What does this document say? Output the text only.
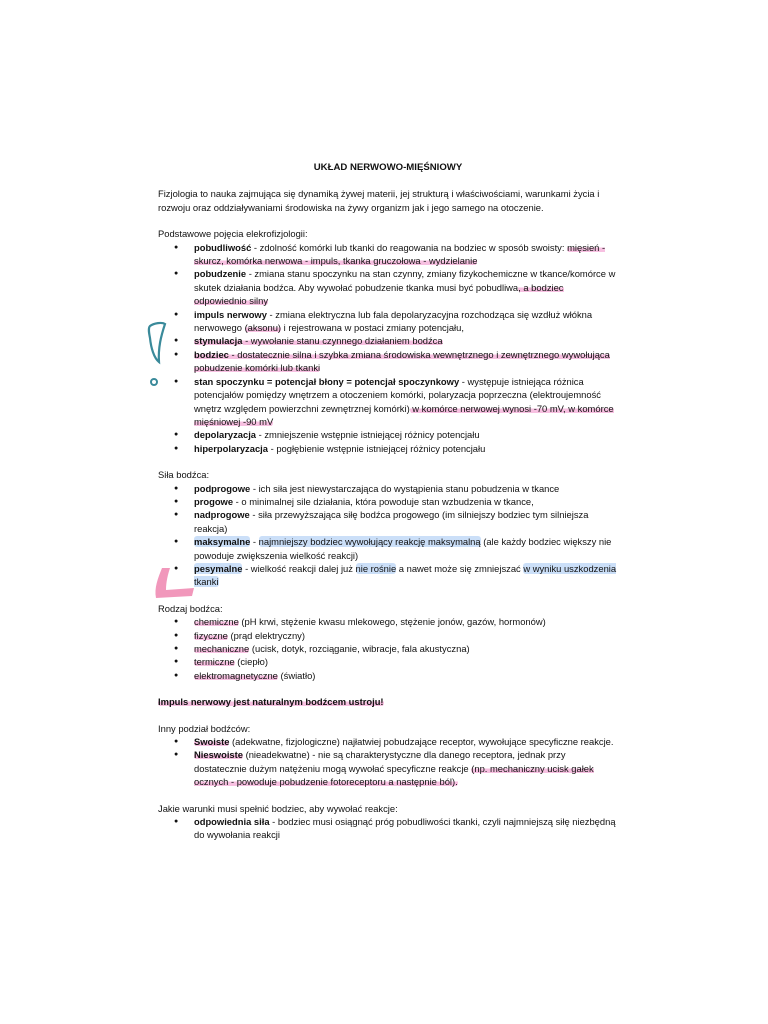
UKŁAD NERWOWO-MIĘŚNIOWY

Fizjologia to nauka zajmująca się dynamiką żywej materii, jej strukturą i właściwościami, warunkami życia i rozwoju oraz oddziaływaniami środowiska na żywy organizm jak i jego samego na otoczenie.

Podstawowe pojęcia elekrofizjologii:
● pobudliwość - zdolność komórki lub tkanki do reagowania na bodziec w sposób swoisty: mięsień - skurcz, komórka nerwowa - impuls, tkanka gruczołowa - wydzielanie
● pobudzenie - zmiana stanu spoczynku na stan czynny, zmiany fizykochemiczne w tkance/komórce w skutek działania bodźca. Aby wywołać pobudzenie tkanka musi być pobudliwa, a bodziec odpowiednio silny
● impuls nerwowy - zmiana elektryczna lub fala depolaryzacyjna rozchodząca się wzdłuż włókna nerwowego (aksonu) i rejestrowana w postaci zmiany potencjału,
● stymulacja - wywołanie stanu czynnego działaniem bodźca
● bodziec - dostatecznie silna i szybka zmiana środowiska wewnętrznego i zewnętrznego wywołująca pobudzenie komórki lub tkanki
● stan spoczynku = potencjał błony = potencjał spoczynkowy - występuje istniejąca różnica potencjałów pomiędzy wnętrzem a otoczeniem komórki, polaryzacja poprzeczna (elektroujemność wnętrz względem powierzchni zewnętrznej komórki) w komórce nerwowej wynosi -70 mV, w komórce mięśniowej -90 mV
● depolaryzacja - zmniejszenie wstępnie istniejącej różnicy potencjału
● hiperpolaryzacja - pogłębienie wstępnie istniejącej różnicy potencjału
Siła bodźca:
● podprogowe - ich siła jest niewystarczająca do wystąpienia stanu pobudzenia w tkance
● progowe - o minimalnej sile działania, która powoduje stan wzbudzenia w tkance,
● nadprogowe - siła przewyższająca siłę bodźca progowego (im silniejszy bodziec tym silniejsza reakcja)
● maksymalne - najmniejszy bodziec wywołujący reakcję maksymalną (ale każdy bodziec większy nie powoduje zwiększenia wielkość reakcji)
● pesymalne - wielkość reakcji dalej już nie rośnie a nawet może się zmniejszać w wyniku uszkodzenia tkanki
Rodzaj bodźca:
● chemiczne (pH krwi, stężenie kwasu mlekowego, stężenie jonów, gazów, hormonów)
● fizyczne (prąd elektryczny)
● mechaniczne (ucisk, dotyk, rozciąganie, wibracje, fala akustyczna)
● termiczne (ciepło)
● elektromagnetyczne (światło)
Impuls nerwowy jest naturalnym bodźcem ustroju!
Inny podział bodźców:
● Swoiste (adekwatne, fizjologiczne) najłatwiej pobudzające receptor, wywołujące specyficzne reakcje.
● Nieswoiste (nieadekwatne) - nie są charakterystyczne dla danego receptora, jednak przy dostatecznie dużym natężeniu mogą wywołać specyficzne reakcje (np. mechaniczny ucisk gałek ocznych - powoduje pobudzenie fotoreceptoru a następnie ból).
Jakie warunki musi spełnić bodziec, aby wywołać reakcje:
● odpowiednia siła - bodziec musi osiągnąć próg pobudliwości tkanki, czyli najmniejszą siłę niezbędną do wywołania reakcji
